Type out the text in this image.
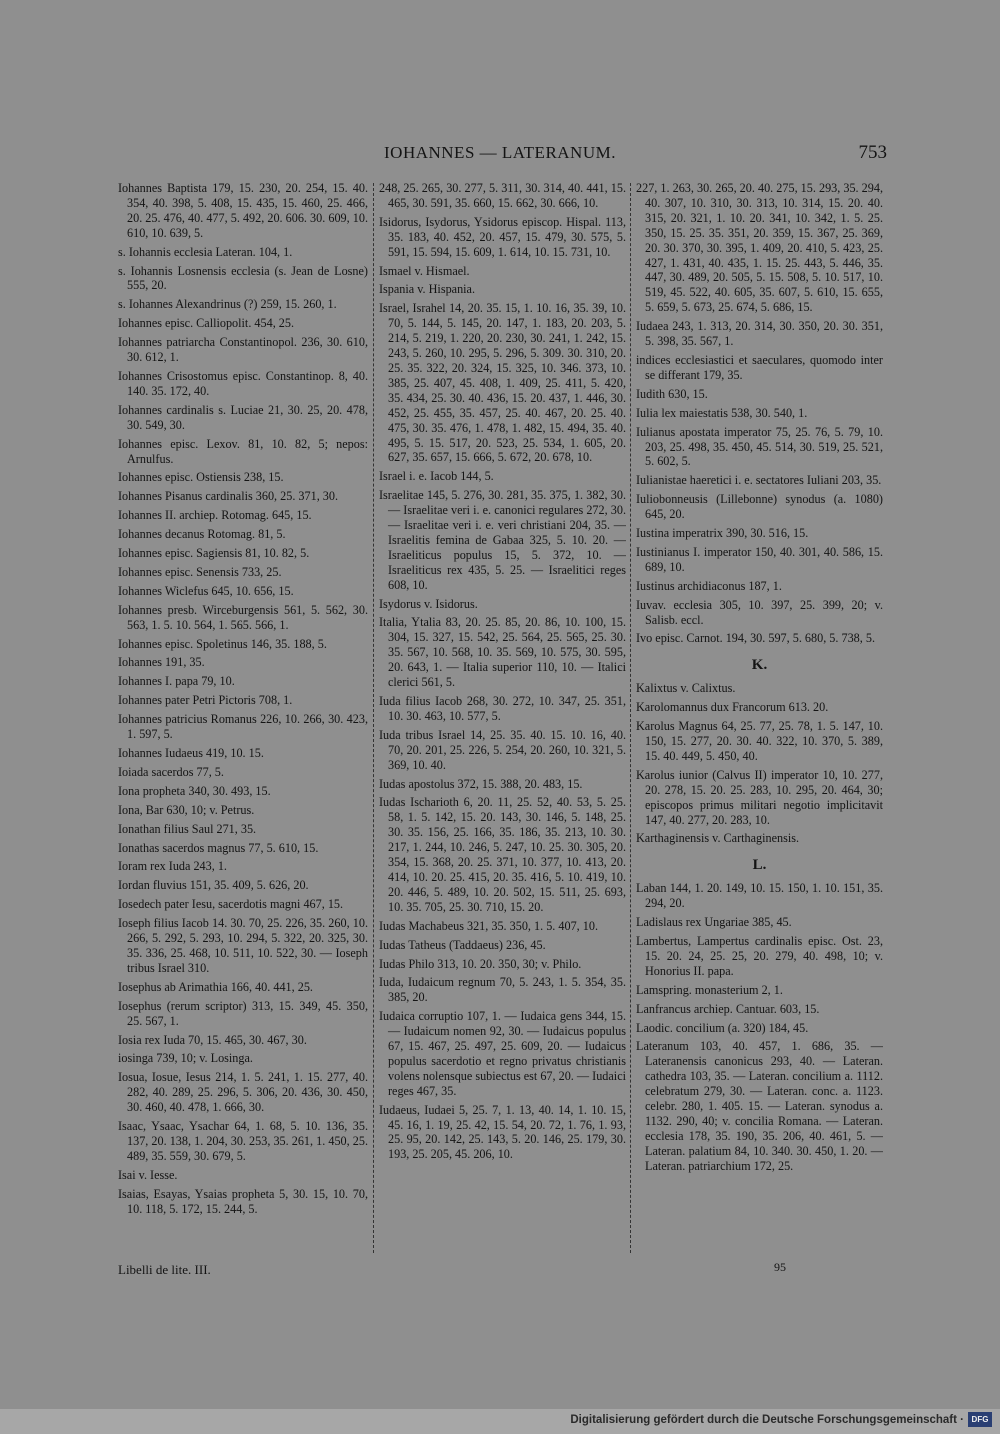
IOHANNES — LATERANUM.	753
Iohannes Baptista 179, 15. 230, 20. 254, 15. 40. 354, 40. 398, 5. 408, 15. 435, 15. 460, 25. 466, 20. 25. 476, 40. 477, 5. 492, 20. 606. 30. 609, 10. 610, 10. 639, 5.
s. Iohannis ecclesia Lateran. 104, 1.
s. Iohannis Losnensis ecclesia (s. Jean de Losne) 555, 20.
s. Iohannes Alexandrinus (?) 259, 15. 260, 1.
Iohannes episc. Calliopolit. 454, 25.
Iohannes patriarcha Constantinopol. 236, 30. 610, 30. 612, 1.
Iohannes Crisostomus episc. Constantinop. 8, 40. 140. 35. 172, 40.
Iohannes cardinalis s. Luciae 21, 30. 25, 20. 478, 30. 549, 30.
Iohannes episc. Lexov. 81, 10. 82, 5; nepos: Arnulfus.
Iohannes episc. Ostiensis 238, 15.
Iohannes Pisanus cardinalis 360, 25. 371, 30.
Iohannes II. archiep. Rotomag. 645, 15.
Iohannes decanus Rotomag. 81, 5.
Iohannes episc. Sagiensis 81, 10. 82, 5.
Iohannes episc. Senensis 733, 25.
Iohannes Wiclefus 645, 10. 656, 15.
Iohannes presb. Wirceburgensis 561, 5. 562, 30. 563, 1. 5. 10. 564, 1. 565. 566, 1.
Iohannes episc. Spoletinus 146, 35. 188, 5.
Iohannes 191, 35.
Iohannes I. papa 79, 10.
Iohannes pater Petri Pictoris 708, 1.
Iohannes patricius Romanus 226, 10. 266, 30. 423, 1. 597, 5.
Iohannes Iudaeus 419, 10. 15.
Ioiada sacerdos 77, 5.
Iona propheta 340, 30. 493, 15.
Iona, Bar 630, 10; v. Petrus.
Ionathan filius Saul 271, 35.
Ionathas sacerdos magnus 77, 5. 610, 15.
Ioram rex Iuda 243, 1.
Iordan fluvius 151, 35. 409, 5. 626, 20.
Iosedech pater Iesu, sacerdotis magni 467, 15.
Ioseph filius Iacob 14. 30. 70, 25. 226, 35. 260, 10. 266, 5. 292, 5. 293, 10. 294, 5. 322, 20. 325, 30. 35. 336, 25. 468, 10. 511, 10. 522, 30. — Ioseph tribus Israel 310.
Iosephus ab Arimathia 166, 40. 441, 25.
Iosephus (rerum scriptor) 313, 15. 349, 45. 350, 25. 567, 1.
Iosia rex Iuda 70, 15. 465, 30. 467, 30.
iosinga 739, 10; v. Losinga.
Iosua, Iosue, Iesus 214, 1. 5. 241, 1. 15. 277, 40. 282, 40. 289, 25. 296, 5. 306, 20. 436, 30. 450, 30. 460, 40. 478, 1. 666, 30.
Isaac, Ysaac, Ysachar 64, 1. 68, 5. 10. 136, 35. 137, 20. 138, 1. 204, 30. 253, 35. 261, 1. 450, 25. 489, 35. 559, 30. 679, 5.
Isai v. Iesse.
Isaias, Esayas, Ysaias propheta 5, 30. 15, 10. 70, 10. 118, 5. 172, 15. 244, 5.
248, 25. 265, 30. 277, 5. 311, 30. 314, 40. 441, 15. 465, 30. 591, 35. 660, 15. 662, 30. 666, 10.
Isidorus, Isydorus, Ysidorus episcop. Hispal. 113, 35. 183, 40. 452, 20. 457, 15. 479, 30. 575, 5. 591, 15. 594, 15. 609, 1. 614, 10. 15. 731, 10.
Ismael v. Hismael.
Ispania v. Hispania.
Israel, Israhel 14, 20. 35. 15, 1. 10. 16, 35. 39, 10. 70, 5. 144, 5. 145, 20. 147, 1. 183, 20. 203, 5. 214, 5. 219, 1. 220, 20. 230, 30. 241, 1. 242, 15. 243, 5. 260, 10. 295, 5. 296, 5. 309. 30. 310, 20. 25. 35. 322, 20. 324, 15. 325, 10. 346. 373, 10. 385, 25. 407, 45. 408, 1. 409, 25. 411, 5. 420, 35. 434, 25. 30. 40. 436, 15. 20. 437, 1. 446, 30. 452, 25. 455, 35. 457, 25. 40. 467, 20. 25. 40. 475, 30. 35. 476, 1. 478, 1. 482, 15. 494, 35. 40. 495, 5. 15. 517, 20. 523, 25. 534, 1. 605, 20. 627, 35. 657, 15. 666, 5. 672, 20. 678, 10.
Israel i. e. Iacob 144, 5.
Israelitae 145, 5. 276, 30. 281, 35. 375, 1. 382, 30. — Israelitae veri i. e. canonici regulares 272, 30. — Israelitae veri i. e. veri christiani 204, 35. — Israelitis femina de Gabaa 325, 5. 10. 20. — Israeliticus populus 15, 5. 372, 10. — Israeliticus rex 435, 5. 25. — Israelitici reges 608, 10.
Isydorus v. Isidorus.
Italia, Ytalia 83, 20. 25. 85, 20. 86, 10. 100, 15. 304, 15. 327, 15. 542, 25. 564, 25. 565, 25. 30. 35. 567, 10. 568, 10. 35. 569, 10. 575, 30. 595, 20. 643, 1. — Italia superior 110, 10. — Italici clerici 561, 5.
Iuda filius Iacob 268, 30. 272, 10. 347, 25. 351, 10. 30. 463, 10. 577, 5.
Iuda tribus Israel 14, 25. 35. 40. 15. 10. 16, 40. 70, 20. 201, 25. 226, 5. 254, 20. 260, 10. 321, 5. 369, 10. 40.
Iudas apostolus 372, 15. 388, 20. 483, 15.
Iudas Ischarioth 6, 20. 11, 25. 52, 40. 53, 5. 25. 58, 1. 5. 142, 15. 20. 143, 30. 146, 5. 148, 25. 30. 35. 156, 25. 166, 35. 186, 35. 213, 10. 30. 217, 1. 244, 10. 246, 5. 247, 10. 25. 30. 305, 20. 354, 15. 368, 20. 25. 371, 10. 377, 10. 413, 20. 414, 10. 20. 25. 415, 20. 35. 416, 5. 10. 419, 10. 20. 446, 5. 489, 10. 20. 502, 15. 511, 25. 693, 10. 35. 705, 25. 30. 710, 15. 20.
Iudas Machabeus 321, 35. 350, 1. 5. 407, 10.
Iudas Tatheus (Taddaeus) 236, 45.
Iudas Philo 313, 10. 20. 350, 30; v. Philo.
Iuda, Iudaicum regnum 70, 5. 243, 1. 5. 354, 35. 385, 20.
Iudaica corruptio 107, 1. — Iudaica gens 344, 15. — Iudaicum nomen 92, 30. — Iudaicus populus 67, 15. 467, 25. 497, 25. 609, 20. — Iudaicus populus sacerdotio et regno privatus christianis volens nolensque subiectus est 67, 20. — Iudaici reges 467, 35.
Iudaeus, Iudaei 5, 25. 7, 1. 13, 40. 14, 1. 10. 15, 45. 16, 1. 19, 25. 42, 15. 54, 20. 72, 1. 76, 1. 93, 25. 95, 20. 142, 25. 143, 5. 20. 146, 25. 179, 30. 193, 25. 205, 45. 206, 10.
227, 1. 263, 30. 265, 20. 40. 275, 15. 293, 35. 294, 40. 307, 10. 310, 30. 313, 10. 314, 15. 20. 40. 315, 20. 321, 1. 10. 20. 341, 10. 342, 1. 5. 25. 350, 15. 25. 35. 351, 20. 359, 15. 367, 25. 369, 20. 30. 370, 30. 395, 1. 409, 20. 410, 5. 423, 25. 427, 1. 431, 40. 435, 1. 15. 25. 443, 5. 446, 35. 447, 30. 489, 20. 505, 5. 15. 508, 5. 10. 517, 10. 519, 45. 522, 40. 605, 35. 607, 5. 610, 15. 655, 5. 659, 5. 673, 25. 674, 5. 686, 15.
Iudaea 243, 1. 313, 20. 314, 30. 350, 20. 30. 351, 5. 398, 35. 567, 1.
indices ecclesiastici et saeculares, quomodo inter se differant 179, 35.
Iudith 630, 15.
Iulia lex maiestatis 538, 30. 540, 1.
Iulianus apostata imperator 75, 25. 76, 5. 79, 10. 203, 25. 498, 35. 450, 45. 514, 30. 519, 25. 521, 5. 602, 5.
Iulianistae haeretici i. e. sectatores Iuliani 203, 35.
Iuliobonneusis (Lillebonne) synodus (a. 1080) 645, 20.
Iustina imperatrix 390, 30. 516, 15.
Iustinianus I. imperator 150, 40. 301, 40. 586, 15. 689, 10.
Iustinus archidiaconus 187, 1.
Iuvav. ecclesia 305, 10. 397, 25. 399, 20; v. Salisb. eccl.
Ivo episc. Carnot. 194, 30. 597, 5. 680, 5. 738, 5.
K.
Kalixtus v. Calixtus.
Karolomannus dux Francorum 613. 20.
Karolus Magnus 64, 25. 77, 25. 78, 1. 5. 147, 10. 150, 15. 277, 20. 30. 40. 322, 10. 370, 5. 389, 15. 40. 449, 5. 450, 40.
Karolus iunior (Calvus II) imperator 10, 10. 277, 20. 278, 15. 20. 25. 283, 10. 295, 20. 464, 30; episcopos primus militari negotio implicitavit 147, 40. 277, 20. 283, 10.
Karthaginensis v. Carthaginensis.
L.
Laban 144, 1. 20. 149, 10. 15. 150, 1. 10. 151, 35. 294, 20.
Ladislaus rex Ungariae 385, 45.
Lambertus, Lampertus cardinalis episc. Ost. 23, 15. 20. 24, 25. 25, 20. 279, 40. 498, 10; v. Honorius II. papa.
Lamspring. monasterium 2, 1.
Lanfrancus archiep. Cantuar. 603, 15.
Laodic. concilium (a. 320) 184, 45.
Lateranum 103, 40. 457, 1. 686, 35. — Lateranensis canonicus 293, 40. — Lateran. cathedra 103, 35. — Lateran. concilium a. 1112. celebratum 279, 30. — Lateran. conc. a. 1123. celebr. 280, 1. 405. 15. — Lateran. synodus a. 1132. 290, 40; v. concilia Romana. — Lateran. ecclesia 178, 35. 190, 35. 206, 40. 461, 5. — Lateran. palatium 84, 10. 340. 30. 450, 1. 20. — Lateran. patriarchium 172, 25.
Libelli de lite. III.	95
Digitalisierung gefördert durch die Deutsche Forschungsgemeinschaft · DFG
